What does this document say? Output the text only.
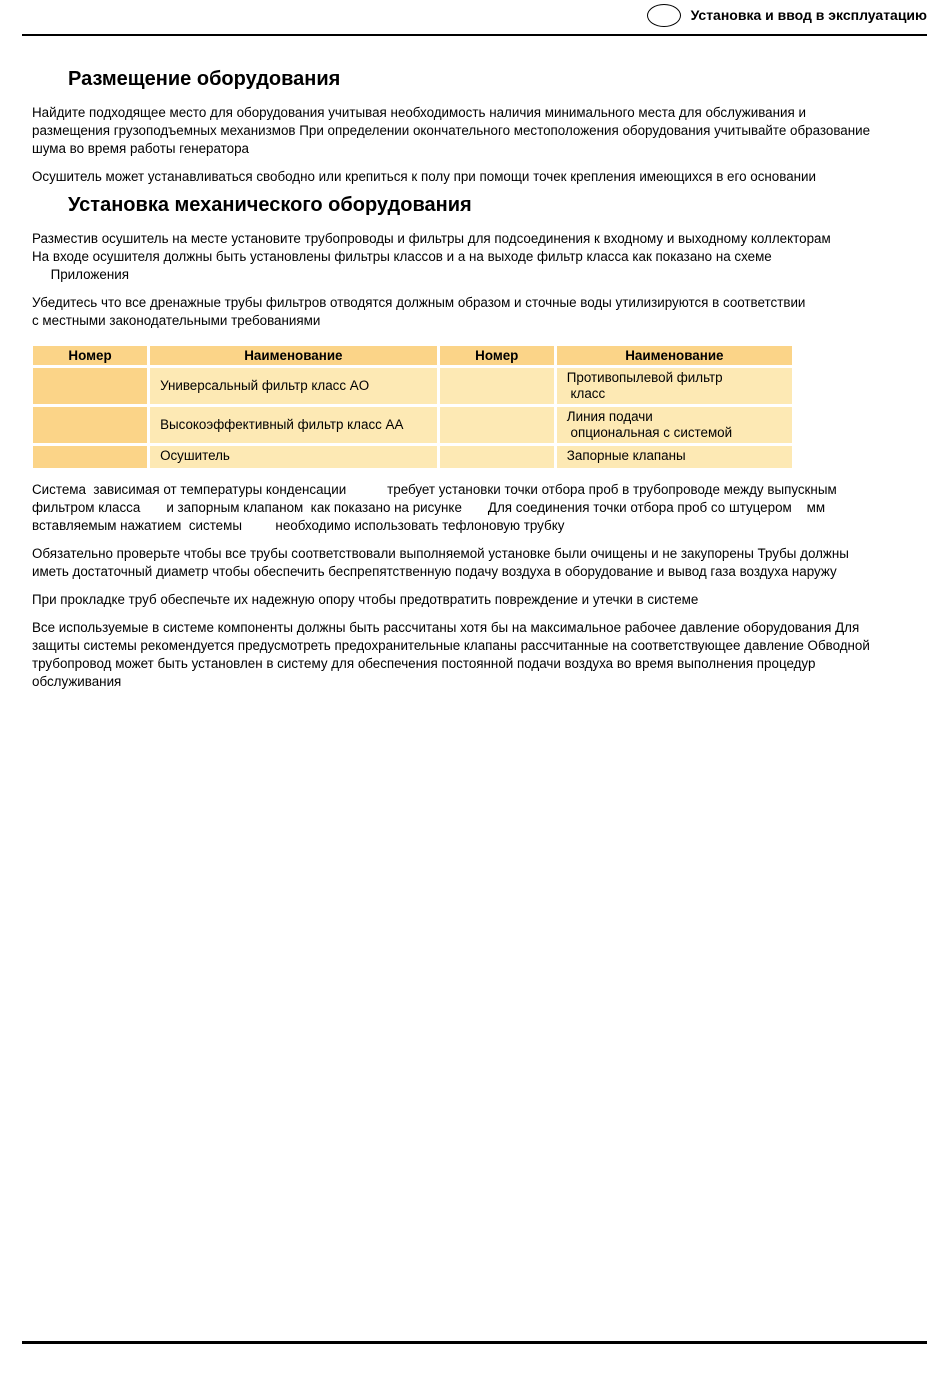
Установка и ввод в эксплуатацию
Размещение оборудования

Найдите подходящее место для оборудования учитывая необходимость наличия минимального места для обслуживания и
размещения грузоподъемных механизмов При определении окончательного местоположения оборудования учитывайте образование
шума во время работы генератора

Осушитель может устанавливаться свободно или крепиться к полу при помощи точек крепления имеющихся в его основании

Установка механического оборудования

Разместив осушитель на месте установите трубопроводы и фильтры для подсоединения к входному и выходному коллекторам
На входе осушителя должны быть установлены фильтры классов и а на выходе фильтр класса как показано на схеме
Приложения

Убедитесь что все дренажные трубы фильтров отводятся должным образом и сточные воды утилизируются в соответствии
с местными законодательными требованиями

Номер	Наименование	Номер	Наименование
	Универсальный фильтр класс AO		Противопылевой фильтр
класс
	Высокоэффективный фильтр класс AA		Линия подачи
опциональная с системой
	Осушитель		Запорные клапаны

Система  зависимая от температуры конденсации           требует установки точки отбора проб в трубопроводе между выпускным
фильтром класса       и запорным клапаном  как показано на рисунке       Для соединения точки отбора проб со штуцером    мм
вставляемым нажатием  системы         необходимо использовать тефлоновую трубку

Обязательно проверьте чтобы все трубы соответствовали выполняемой установке были очищены и не закупорены Трубы должны
иметь достаточный диаметр чтобы обеспечить беспрепятственную подачу воздуха в оборудование и вывод газа воздуха наружу

При прокладке труб обеспечьте их надежную опору чтобы предотвратить повреждение и утечки в системе

Все используемые в системе компоненты должны быть рассчитаны хотя бы на максимальное рабочее давление оборудования Для
защиты системы рекомендуется предусмотреть предохранительные клапаны рассчитанные на соответствующее давление Обводной
трубопровод может быть установлен в систему для обеспечения постоянной подачи воздуха во время выполнения процедур
обслуживания
